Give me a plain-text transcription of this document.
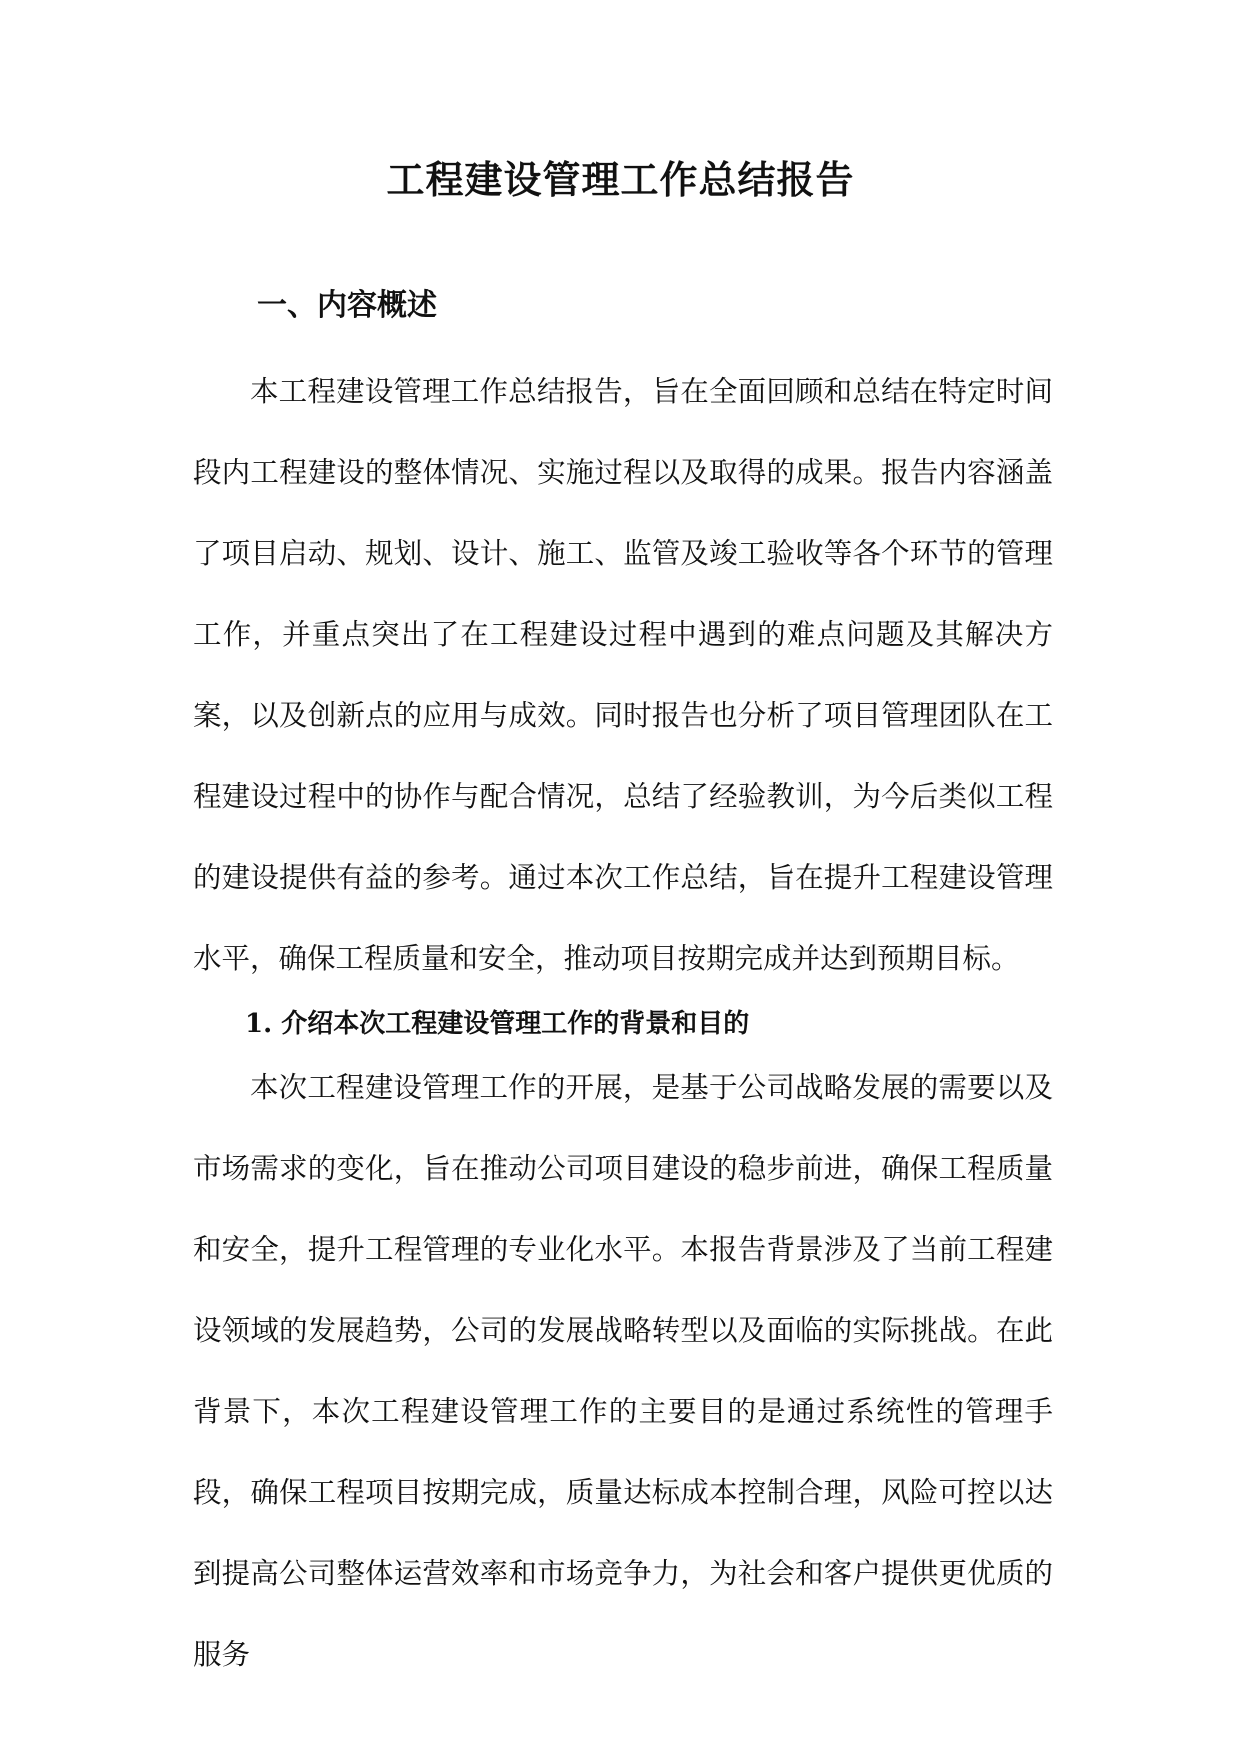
工程建设管理工作总结报告
一、内容概述

本工程建设管理工作总结报告，旨在全面回顾和总结在特定时间段内工程建设的整体情况、实施过程以及取得的成果。报告内容涵盖了项目启动、规划、设计、施工、监管及竣工验收等各个环节的管理工作，并重点突出了在工程建设过程中遇到的难点问题及其解决方案，以及创新点的应用与成效。同时报告也分析了项目管理团队在工程建设过程中的协作与配合情况，总结了经验教训，为今后类似工程的建设提供有益的参考。通过本次工作总结，旨在提升工程建设管理水平，确保工程质量和安全，推动项目按期完成并达到预期目标。

1. 介绍本次工程建设管理工作的背景和目的

本次工程建设管理工作的开展，是基于公司战略发展的需要以及市场需求的变化，旨在推动公司项目建设的稳步前进，确保工程质量和安全，提升工程管理的专业化水平。本报告背景涉及了当前工程建设领域的发展趋势，公司的发展战略转型以及面临的实际挑战。在此背景下，本次工程建设管理工作的主要目的是通过系统性的管理手段，确保工程项目按期完成，质量达标成本控制合理，风险可控以达到提高公司整体运营效率和市场竞争力，为社会和客户提供更优质的服务
